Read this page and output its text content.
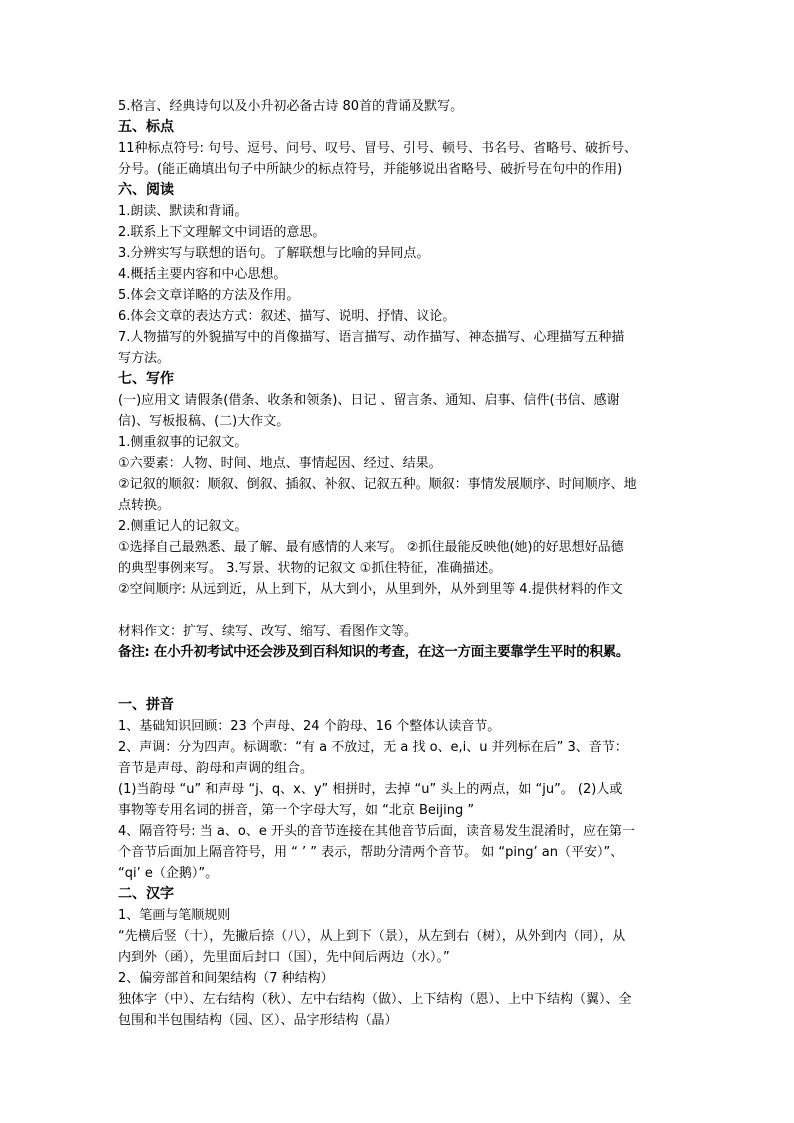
5.格言、经典诗句以及小升初必备古诗 80首的背诵及默写。
五、标点
11种标点符号: 句号、逗号、问号、叹号、冒号、引号、顿号、书名号、省略号、破折号、
分号。(能正确填出句子中所缺少的标点符号，并能够说出省略号、破折号在句中的作用)
六、阅读
1.朗读、默读和背诵。
2.联系上下文理解文中词语的意思。
3.分辨实写与联想的语句。了解联想与比喻的异同点。
4.概括主要内容和中心思想。
5.体会文章详略的方法及作用。
6.体会文章的表达方式：叙述、描写、说明、抒情、议论。
7.人物描写的外貌描写中的肖像描写、语言描写、动作描写、神态描写、心理描写五种描
写方法。
七、写作
(一)应用文 请假条(借条、收条和领条)、日记 、留言条、通知、启事、信件(书信、感谢
信)、写板报稿、(二)大作文。
1.侧重叙事的记叙文。
①六要素：人物、时间、地点、事情起因、经过、结果。
②记叙的顺叙：顺叙、倒叙、插叙、补叙、记叙五种。顺叙：事情发展顺序、时间顺序、地
点转换。
2.侧重记人的记叙文。
①选择自己最熟悉、最了解、最有感情的人来写。 ②抓住最能反映他(她)的好思想好品德
的典型事例来写。 3.写景、状物的记叙文 ①抓住特征，准确描述。
②空间顺序: 从远到近，从上到下，从大到小，从里到外，从外到里等 4.提供材料的作文
材料作文：扩写、续写、改写、缩写、看图作文等。
备注: 在小升初考试中还会涉及到百科知识的考查，在这一方面主要靠学生平时的积累。
一、拼音
1、基础知识回顾：23 个声母、24 个韵母、16 个整体认读音节。
2、声调：分为四声。标调歌：“有 a 不放过，无 a 找 o、e,i、u 并列标在后” 3、音节：
音节是声母、韵母和声调的组合。
(1)当韵母 “u” 和声母 “j、q、x、y” 相拼时，去掉 “u” 头上的两点，如 “ju”。 (2)人或
事物等专用名词的拼音，第一个字母大写，如 “北京 Beijing ”
4、隔音符号: 当 a、o、e 开头的音节连接在其他音节后面，读音易发生混淆时，应在第一
个音节后面加上隔音符号，用 “ ’ ” 表示，帮助分清两个音节。 如 “ping’ an（平安）”、
“qi’ e（企鹅）”。
二、汉字
1、笔画与笔顺规则
“先横后竖（十），先撇后捺（八），从上到下（景），从左到右（树），从外到内（同），从
内到外（函），先里面后封口（国），先中间后两边（水）。”
2、偏旁部首和间架结构（7 种结构）
独体字（中）、左右结构（秋）、左中右结构（做）、上下结构（恩）、上中下结构（翼）、全
包围和半包围结构（园、区）、品字形结构（晶）
